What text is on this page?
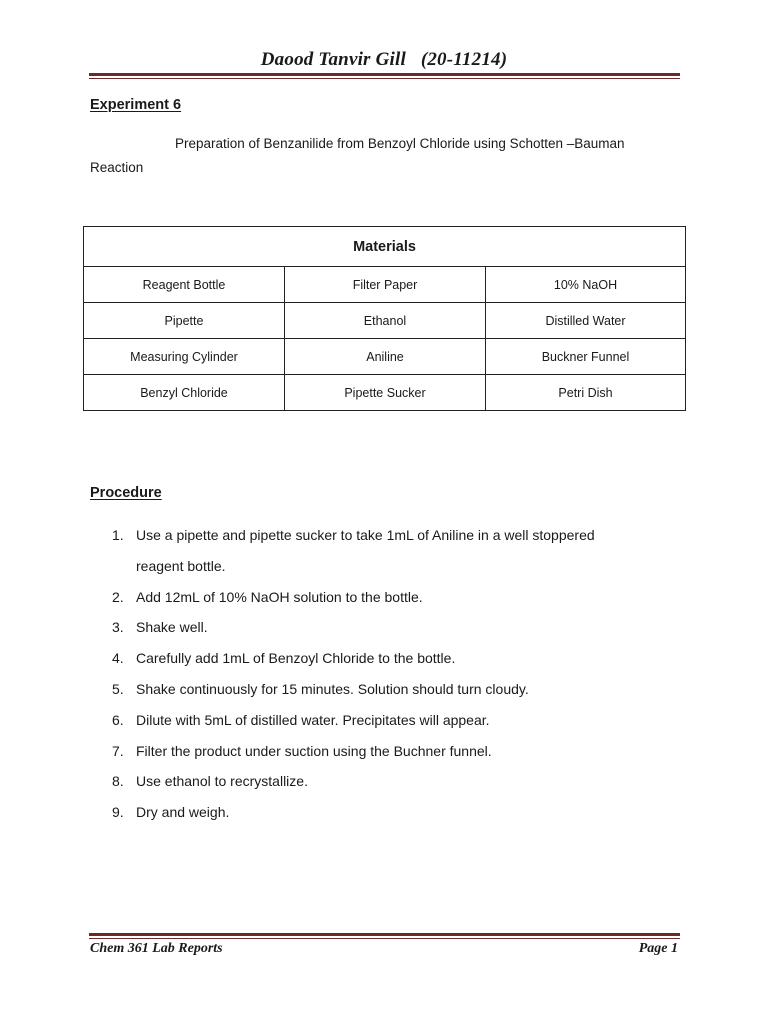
Daood Tanvir Gill   (20-11214)
Experiment 6
Preparation of Benzanilide from Benzoyl Chloride using Schotten –Bauman
Reaction
Materials		
Reagent Bottle	Filter Paper	10% NaOH
Pipette	Ethanol	Distilled Water
Measuring Cylinder	Aniline	Buckner Funnel
Benzyl Chloride	Pipette Sucker	Petri Dish
Procedure
1. Use a pipette and pipette sucker to take 1mL of Aniline in a well stoppered
reagent bottle.
2. Add 12mL of 10% NaOH solution to the bottle.
3. Shake well.
4. Carefully add 1mL of Benzoyl Chloride to the bottle.
5. Shake continuously for 15 minutes. Solution should turn cloudy.
6. Dilute with 5mL of distilled water. Precipitates will appear.
7. Filter the product under suction using the Buchner funnel.
8. Use ethanol to recrystallize.
9. Dry and weigh.
Chem 361 Lab Reports	Page 1
